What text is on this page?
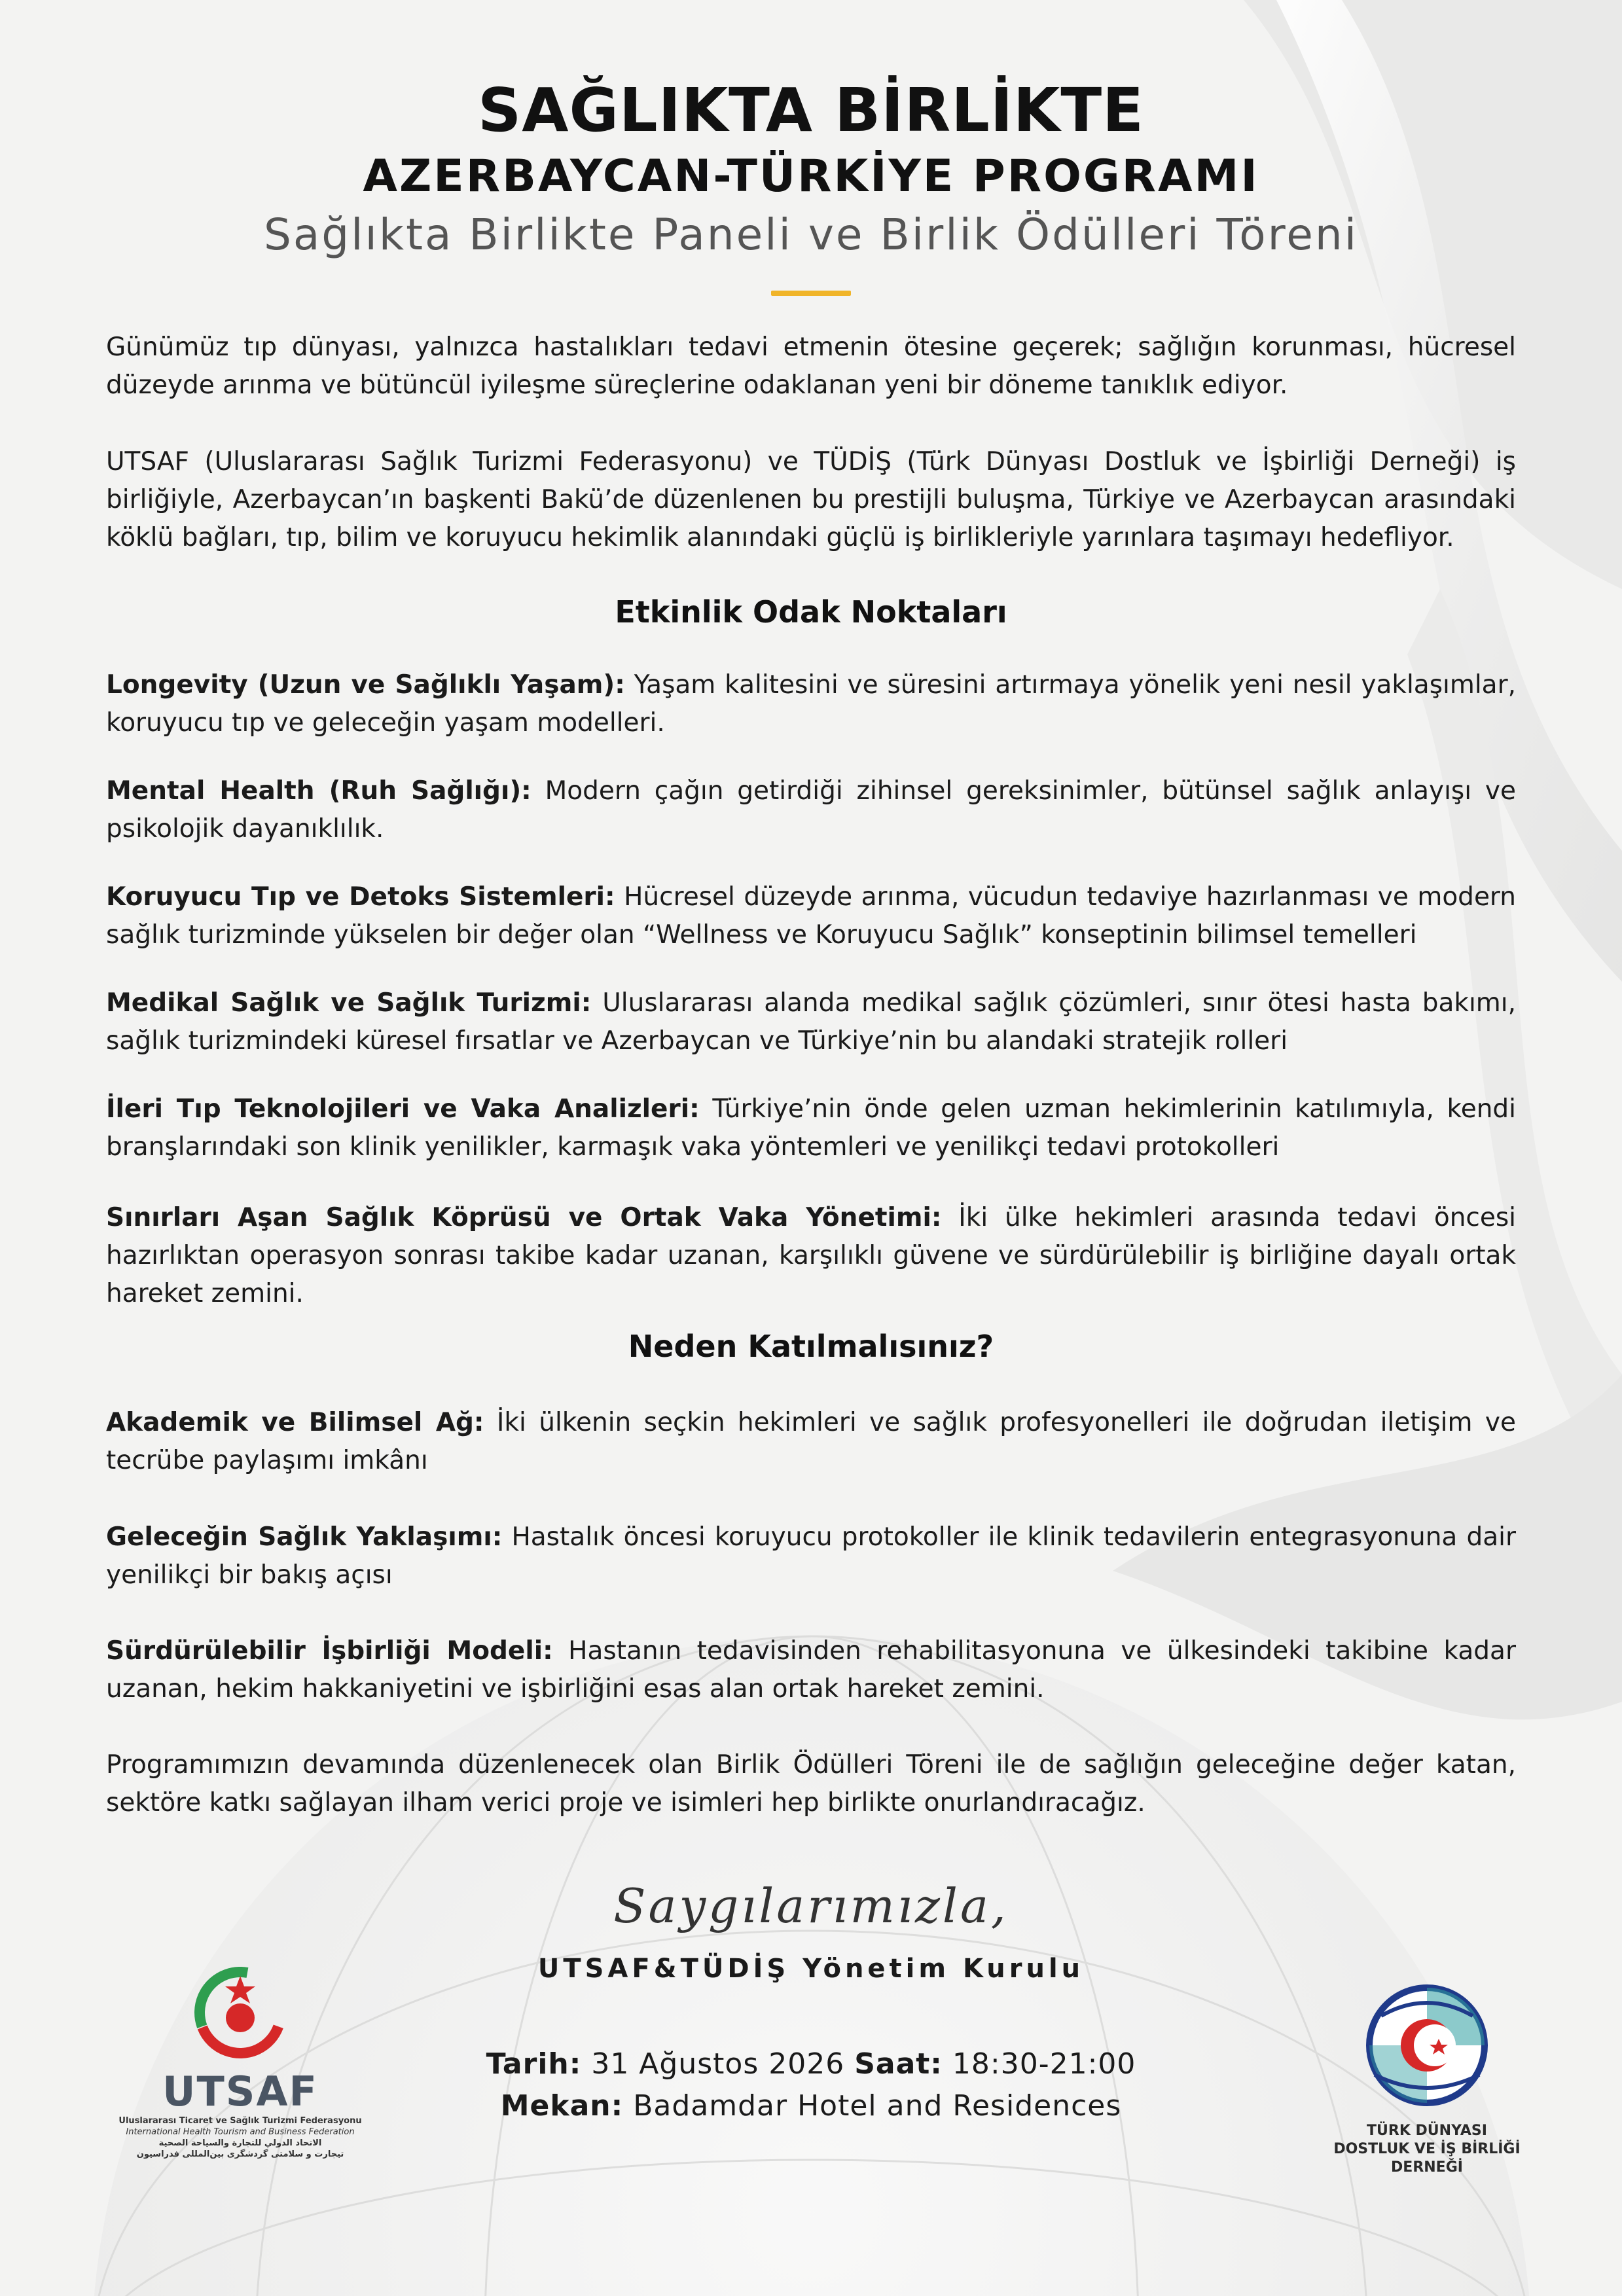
SAĞLIKTA BİRLİKTE
AZERBAYCAN-TÜRKİYE PROGRAMI
Sağlıkta Birlikte Paneli ve Birlik Ödülleri Töreni

Günümüz tıp dünyası, yalnızca hastalıkları tedavi etmenin ötesine geçerek; sağlığın korunması, hücresel düzeyde arınma ve bütüncül iyileşme süreçlerine odaklanan yeni bir döneme tanıklık ediyor.

UTSAF (Uluslararası Sağlık Turizmi Federasyonu) ve TÜDİŞ (Türk Dünyası Dostluk ve İşbirliği Derneği) iş birliğiyle, Azerbaycan’ın başkenti Bakü’de düzenlenen bu prestijli buluşma, Türkiye ve Azerbaycan arasındaki köklü bağları, tıp, bilim ve koruyucu hekimlik alanındaki güçlü iş birlikleriyle yarınlara taşımayı hedefliyor.

Etkinlik Odak Noktaları

Longevity (Uzun ve Sağlıklı Yaşam): Yaşam kalitesini ve süresini artırmaya yönelik yeni nesil yaklaşımlar, koruyucu tıp ve geleceğin yaşam modelleri.

Mental Health (Ruh Sağlığı): Modern çağın getirdiği zihinsel gereksinimler, bütünsel sağlık anlayışı ve psikolojik dayanıklılık.

Koruyucu Tıp ve Detoks Sistemleri: Hücresel düzeyde arınma, vücudun tedaviye hazırlanması ve modern sağlık turizminde yükselen bir değer olan “Wellness ve Koruyucu Sağlık” konseptinin bilimsel temelleri

Medikal Sağlık ve Sağlık Turizmi: Uluslararası alanda medikal sağlık çözümleri, sınır ötesi hasta bakımı, sağlık turizmindeki küresel fırsatlar ve Azerbaycan ve Türkiye’nin bu alandaki stratejik rolleri

İleri Tıp Teknolojileri ve Vaka Analizleri: Türkiye’nin önde gelen uzman hekimlerinin katılımıyla, kendi branşlarındaki son klinik yenilikler, karmaşık vaka yöntemleri ve yenilikçi tedavi protokolleri

Sınırları Aşan Sağlık Köprüsü ve Ortak Vaka Yönetimi: İki ülke hekimleri arasında tedavi öncesi hazırlıktan operasyon sonrası takibe kadar uzanan, karşılıklı güvene ve sürdürülebilir iş birliğine dayalı ortak hareket zemini.

Neden Katılmalısınız?

Akademik ve Bilimsel Ağ: İki ülkenin seçkin hekimleri ve sağlık profesyonelleri ile doğrudan iletişim ve tecrübe paylaşımı imkânı

Geleceğin Sağlık Yaklaşımı: Hastalık öncesi koruyucu protokoller ile klinik tedavilerin entegrasyonuna dair yenilikçi bir bakış açısı

Sürdürülebilir İşbirliği Modeli: Hastanın tedavisinden rehabilitasyonuna ve ülkesindeki takibine kadar uzanan, hekim hakkaniyetini ve işbirliğini esas alan ortak hareket zemini.

Programımızın devamında düzenlenecek olan Birlik Ödülleri Töreni ile de sağlığın geleceğine değer katan, sektöre katkı sağlayan ilham verici proje ve isimleri hep birlikte onurlandıracağız.

Saygılarımızla,
UTSAF&TÜDİŞ Yönetim Kurulu
Tarih: 31 Ağustos 2026 Saat: 18:30-21:00
Mekan: Badamdar Hotel and Residences
UTSAF
Uluslararası Ticaret ve Sağlık Turizmi Federasyonu
International Health Tourism and Business Federation
الاتحاد الدولي للتجارة والسياحة الصحية
تیجارت و سلامتی گردشگری بین‌المللی فدراسیون
TÜRK DÜNYASI
DOSTLUK VE İŞ BİRLİĞİ
DERNEĞİ
